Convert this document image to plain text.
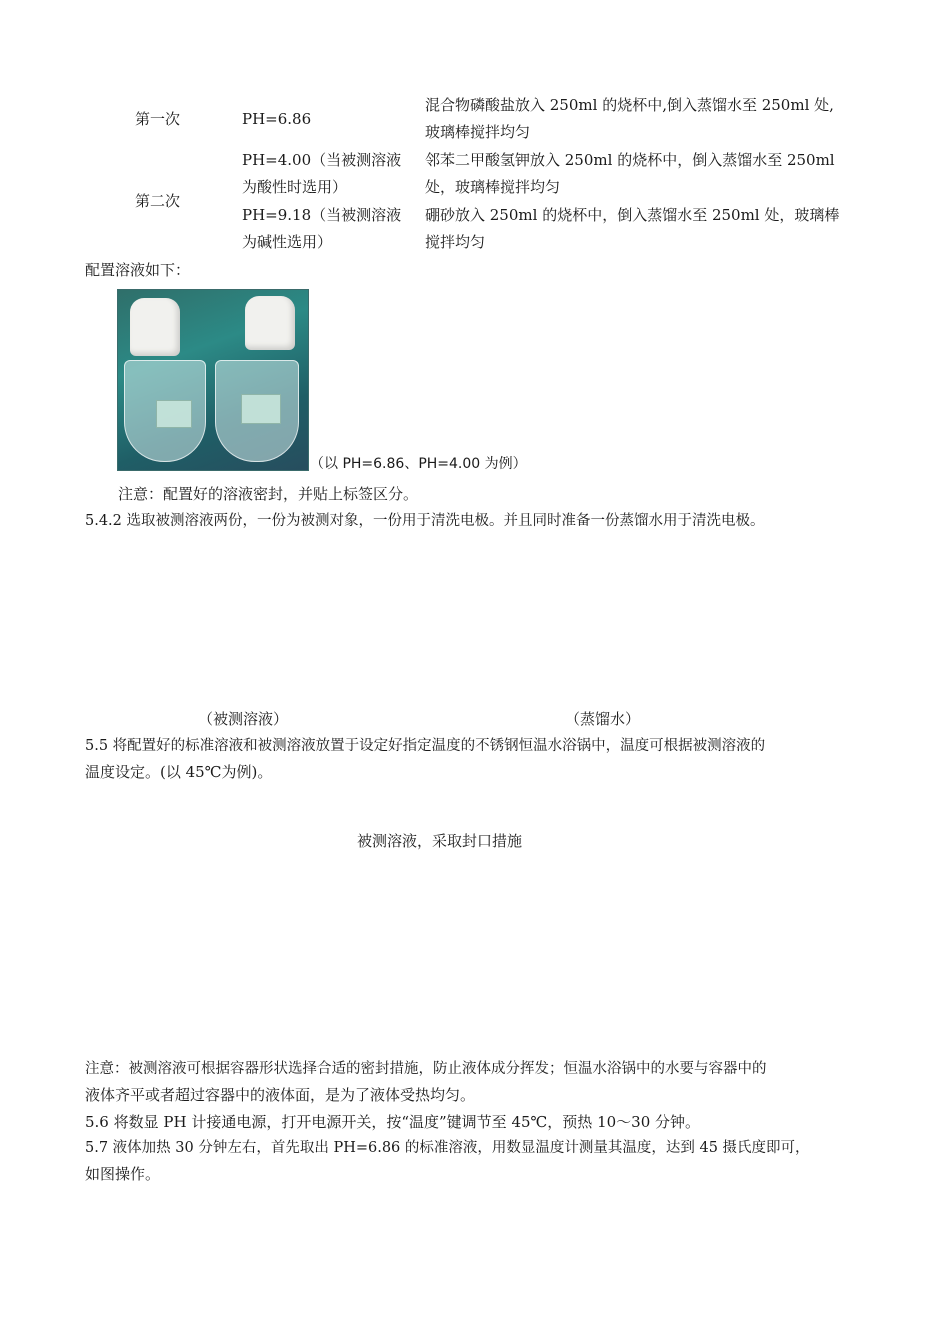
第一次	PH=6.86
混合物磷酸盐放入 250ml 的烧杯中,倒入蒸馏水至 250ml 处,
玻璃棒搅拌均匀
第二次
PH=4.00（当被测溶液
为酸性时选用）
邻苯二甲酸氢钾放入 250ml 的烧杯中，倒入蒸馏水至 250ml
处，玻璃棒搅拌均匀
PH=9.18（当被测溶液
为碱性选用）
硼砂放入 250ml 的烧杯中，倒入蒸馏水至 250ml 处，玻璃棒
搅拌均匀
配置溶液如下：
（以 PH=6.86、PH=4.00 为例）
注意：配置好的溶液密封，并贴上标签区分。
5.4.2 选取被测溶液两份，一份为被测对象，一份用于清洗电极。并且同时准备一份蒸馏水用于清洗电极。
（被测溶液）	（蒸馏水）
5.5 将配置好的标准溶液和被测溶液放置于设定好指定温度的不锈钢恒温水浴锅中，温度可根据被测溶液的
温度设定。(以 45℃为例)。
被测溶液，采取封口措施
注意：被测溶液可根据容器形状选择合适的密封措施，防止液体成分挥发；恒温水浴锅中的水要与容器中的
液体齐平或者超过容器中的液体面，是为了液体受热均匀。
5.6 将数显 PH 计接通电源，打开电源开关，按“温度”键调节至 45℃，预热 10～30 分钟。
5.7 液体加热 30 分钟左右，首先取出 PH=6.86 的标准溶液，用数显温度计测量其温度，达到 45 摄氏度即可，
如图操作。
